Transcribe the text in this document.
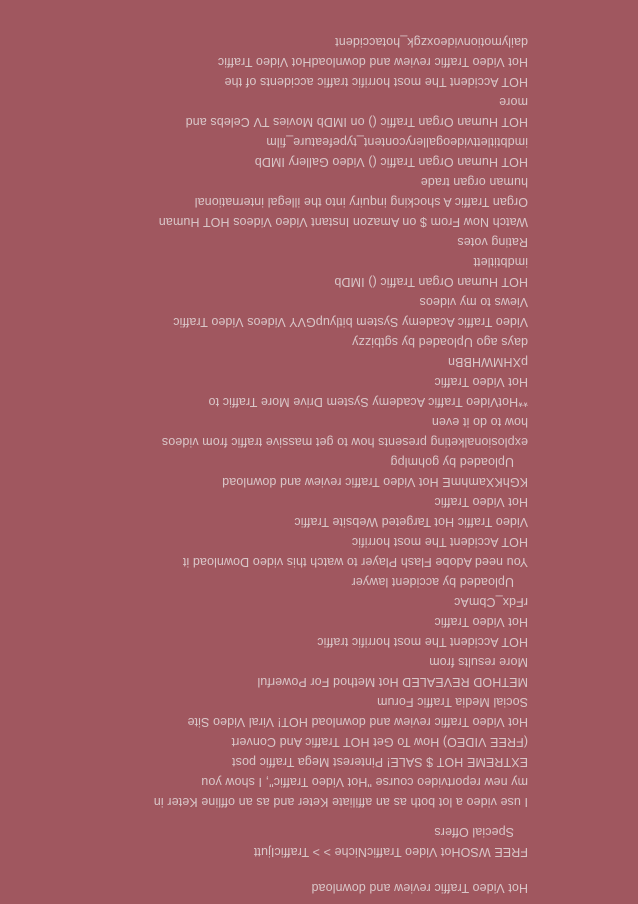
Hot Video Traffic review and download
FREE WSOHot Video TrafficNiche > > TrafficIjutt
Special Offers
I use video a lot both as an affiliate Keter and as an offline Keter in
my new reportvideo course "Hot Video Traffic", I show you
EXTREME HOT $ SALE! Pinterest Mega Traffic post
(FREE VIDEO) How To Get HOT Traffic And Convert
Hot Video Traffic review and download HOT! Viral Video Site
Social Media Traffic Forum
METHOD REVEALED Hot Method For Powerful
More results from
HOT Accident The most horrific traffic
Hot Video Traffic
rFdx_CbmAc
Uploaded by accident lawyer
You need Adobe Flash Player to watch this video Download it
HOT Accident The most horrific
Video Traffic Hot Targeted Website Traffic
Hot Video Traffic
KGhKXamhmE Hot Video Traffic review and download
Uploaded by gohmlpg
explosionalketing presents how to get massive traffic from videos
how to do it even
**HotVideo Traffic Academy System Drive More Traffic to
Hot Video Traffic
pXHMWHBBn
days ago Uploaded by sgtbizzy
Video Traffic Academy System bitlyupGVY Videos Video Traffic
Views to my videos
HOT Human Organ Traffic () IMDb
imdbtitlett
Rating votes
Watch Now From $ on Amazon Instant Video Videos HOT Human
Organ Traffic A shocking inquiry into the illegal international
human organ trade
HOT Human Organ Traffic () Video Gallery IMDb
imdbtitlettvideogallerycontent_typefeature_film
HOT Human Organ Traffic () on IMDb Movies TV Celebs and
more
HOT Accident The most horrific traffic accidents of the
Hot Video Traffic review and downloadHot Video Traffic
dailymotionvideoxzgk_hotaccident
